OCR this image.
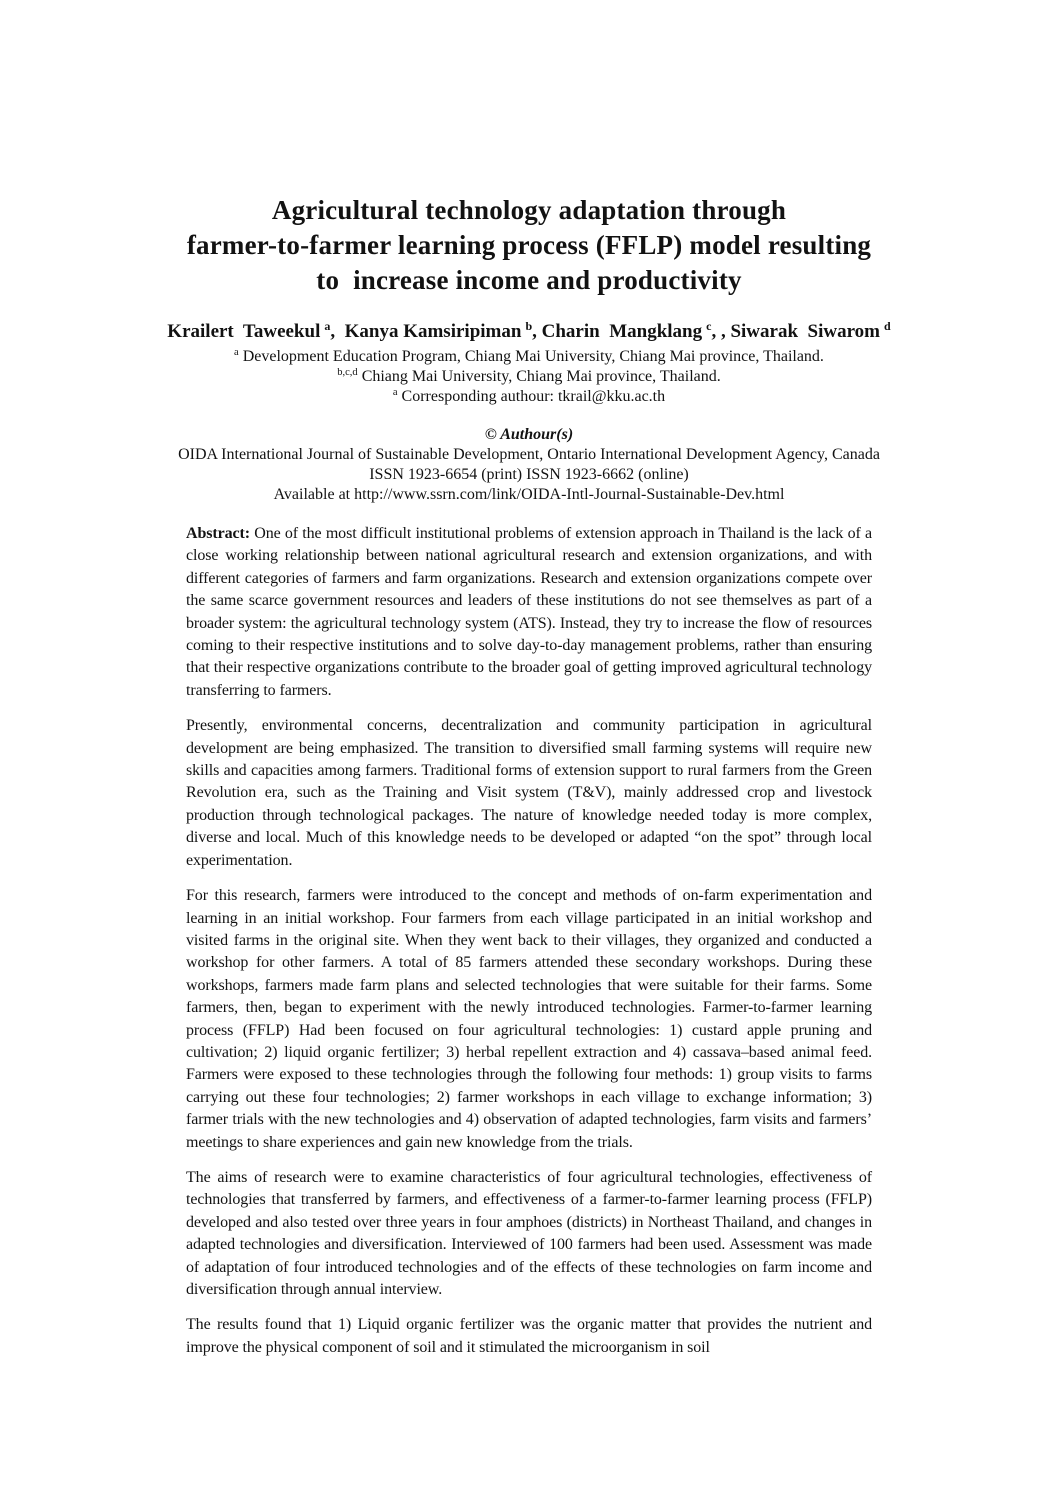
Agricultural technology adaptation through
farmer-to-farmer learning process (FFLP) model resulting
to  increase income and productivity
Krailert  Taweekul $^a$,  Kanya Kamsiripiman $^b$, Charin  Mangklang $^c$, , Siwarak  Siwarom $^d$
$^a$ Development Education Program, Chiang Mai University, Chiang Mai province, Thailand.
$^{b,c,d}$ Chiang Mai University, Chiang Mai province, Thailand.
$^a$ Corresponding authour: tkrail@kku.ac.th
© Authour(s)
OIDA International Journal of Sustainable Development, Ontario International Development Agency, Canada
ISSN 1923-6654 (print) ISSN 1923-6662 (online)
Available at http://www.ssrn.com/link/OIDA-Intl-Journal-Sustainable-Dev.html

Abstract: One of the most difficult institutional problems of extension approach in Thailand is the lack of a close working relationship between national agricultural research and extension organizations, and with different categories of farmers and farm organizations. Research and extension organizations compete over the same scarce government resources and leaders of these institutions do not see themselves as part of a broader system: the agricultural technology system (ATS). Instead, they try to increase the flow of resources coming to their respective institutions and to solve day-to-day management problems, rather than ensuring that their respective organizations contribute to the broader goal of getting improved agricultural technology transferring to farmers.

Presently, environmental concerns, decentralization and community participation in agricultural development are being emphasized. The transition to diversified small farming systems will require new skills and capacities among farmers. Traditional forms of extension support to rural farmers from the Green Revolution era, such as the Training and Visit system (T&V), mainly addressed crop and livestock production through technological packages. The nature of knowledge needed today is more complex, diverse and local. Much of this knowledge needs to be developed or adapted “on the spot” through local experimentation.

For this research, farmers were introduced to the concept and methods of on-farm experimentation and learning in an initial workshop. Four farmers from each village participated in an initial workshop and visited farms in the original site. When they went back to their villages, they organized and conducted a workshop for other farmers. A total of 85 farmers attended these secondary workshops. During these workshops, farmers made farm plans and selected technologies that were suitable for their farms. Some farmers, then, began to experiment with the newly introduced technologies. Farmer-to-farmer learning process (FFLP) Had been focused on four agricultural technologies: 1) custard apple pruning and cultivation; 2) liquid organic fertilizer; 3) herbal repellent extraction and 4) cassava–based animal feed. Farmers were exposed to these technologies through the following four methods: 1) group visits to farms carrying out these four technologies; 2) farmer workshops in each village to exchange information; 3) farmer trials with the new technologies and 4) observation of adapted technologies, farm visits and farmers’ meetings to share experiences and gain new knowledge from the trials.

The aims of research were to examine characteristics of four agricultural technologies, effectiveness of technologies that transferred by farmers, and effectiveness of a farmer-to-farmer learning process (FFLP) developed and also tested over three years in four amphoes (districts) in Northeast Thailand, and changes in adapted technologies and diversification. Interviewed of 100 farmers had been used. Assessment was made of adaptation of four introduced technologies and of the effects of these technologies on farm income and diversification through annual interview.

The results found that 1) Liquid organic fertilizer was the organic matter that provides the nutrient and improve the physical component of soil and it stimulated the microorganism in soil
